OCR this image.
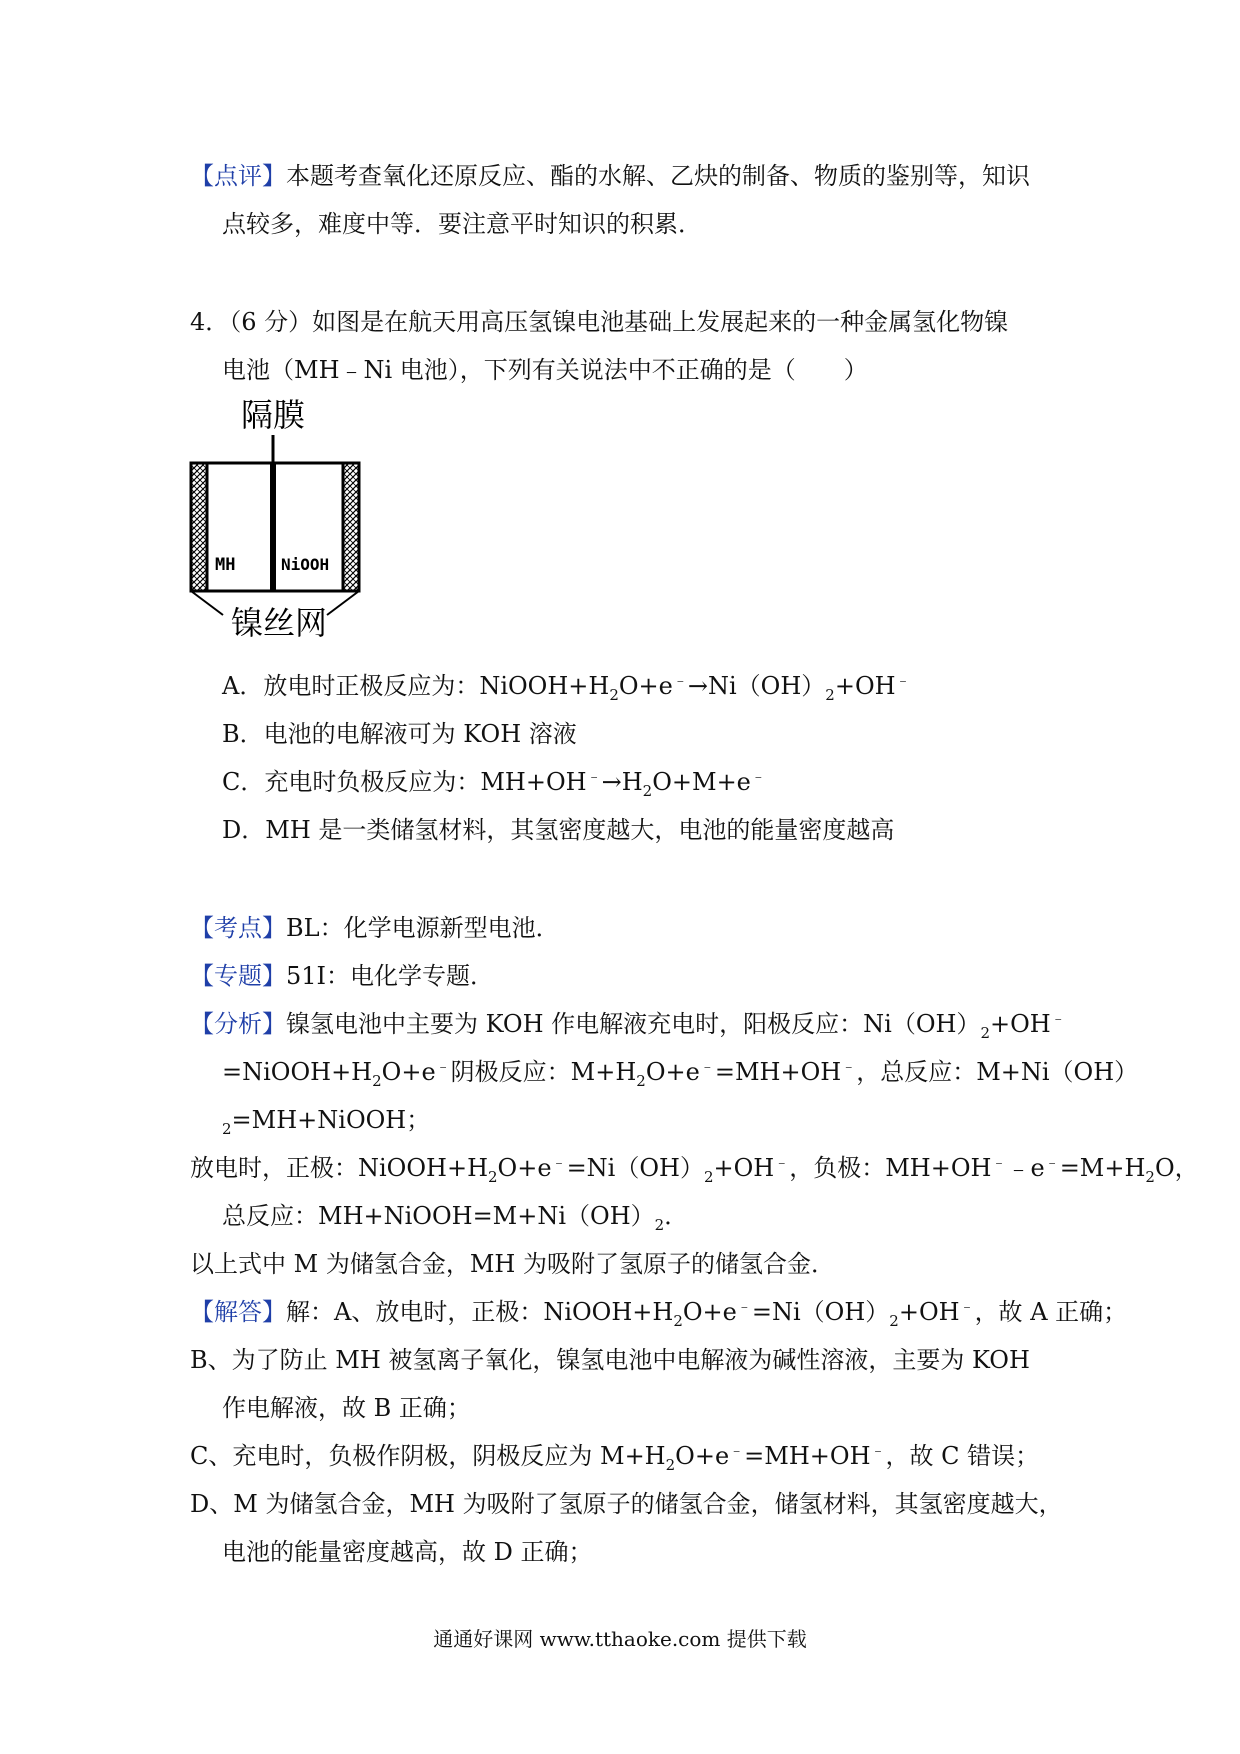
【点评】本题考查氧化还原反应、酯的水解、乙炔的制备、物质的鉴别等，知识
点较多，难度中等．要注意平时知识的积累．
4．（6 分）如图是在航天用高压氢镍电池基础上发展起来的一种金属氢化物镍
电池（MH﹣Ni 电池），下列有关说法中不正确的是（　　）
隔膜
MH	NiOOH
镍丝网
A．放电时正极反应为：$NiOOH+H_2O+e^﹣\to Ni(OH)_2+OH^﹣$
B．电池的电解液可为 KOH 溶液
C．充电时负极反应为：$MH+OH^﹣\to H_2O+M+e^﹣$
D．MH 是一类储氢材料，其氢密度越大，电池的能量密度越高
【考点】BL：化学电源新型电池．
【专题】51I：电化学专题．
【分析】镍氢电池中主要为 KOH 作电解液充电时，阳极反应：$Ni(OH)_2+OH^﹣$
$=NiOOH+H_2O+e^﹣$阴极反应：$M+H_2O+e^﹣=MH+OH^﹣$，总反应：M+Ni（OH）
$_2$=MH+NiOOH；
放电时，正极：$NiOOH+H_2O+e^﹣=Ni(OH)_2+OH^﹣$，负极：$MH+OH^﹣﹣e^﹣=M+H_2O$，
总反应：$MH+NiOOH=M+Ni(OH)_2$．
以上式中 M 为储氢合金，MH 为吸附了氢原子的储氢合金．
【解答】解：A、放电时，正极：$NiOOH+H_2O+e^﹣=Ni(OH)_2+OH^﹣$，故 A 正确；
B、为了防止 MH 被氢离子氧化，镍氢电池中电解液为碱性溶液，主要为 KOH
作电解液，故 B 正确；
C、充电时，负极作阴极，阴极反应为 $M+H_2O+e^﹣=MH+OH^﹣$，故 C 错误；
D、M 为储氢合金，MH 为吸附了氢原子的储氢合金，储氢材料，其氢密度越大，
电池的能量密度越高，故 D 正确；
通通好课网 www.tthaoke.com 提供下载
